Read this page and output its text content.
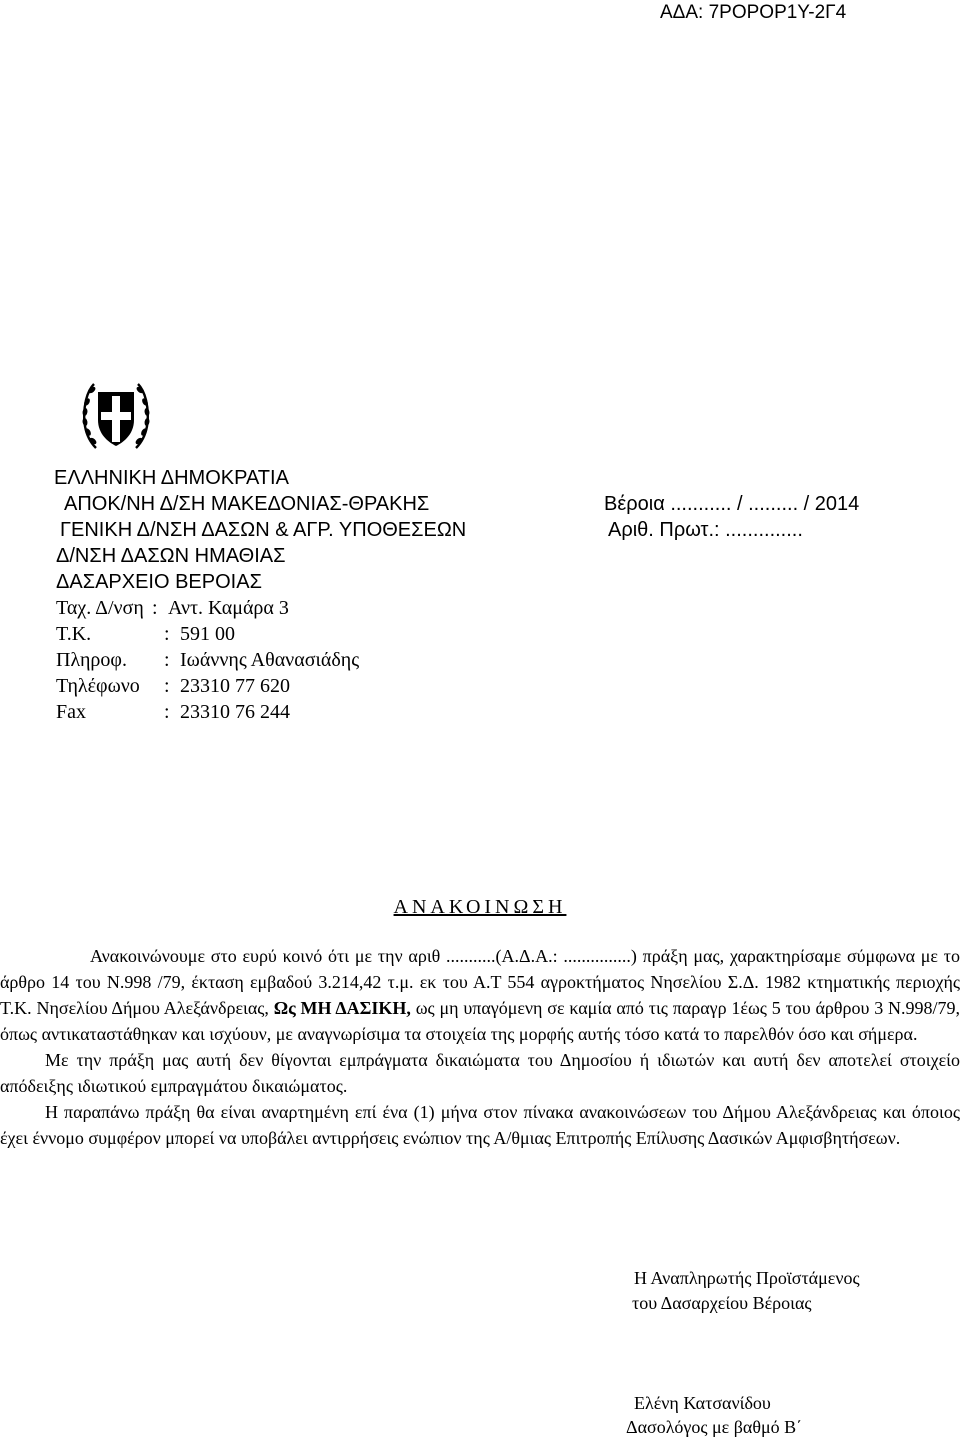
ΑΔΑ: 7ΡΟΡΟΡ1Υ-2Γ4
ΕΛΛΗΝΙΚΗ ΔΗΜΟΚΡΑΤΙΑ
ΑΠΟΚ/ΝΗ Δ/ΣΗ ΜΑΚΕΔΟΝΙΑΣ-ΘΡΑΚΗΣ
ΓΕΝΙΚΗ Δ/ΝΣΗ ΔΑΣΩΝ & ΑΓΡ. ΥΠΟΘΕΣΕΩΝ
Δ/ΝΣΗ ΔΑΣΩΝ ΗΜΑΘΙΑΣ
ΔΑΣΑΡΧΕΙΟ ΒΕΡΟΙΑΣ
Βέροια ........... / ......... / 2014
Αριθ. Πρωτ.: ..............
Ταχ. Δ/νση : Αντ. Καμάρα 3
Τ.Κ.	: 591 00
Πληροφ. : Ιωάννης Αθανασιάδης
Τηλέφωνο : 23310 77 620
Fax	: 23310 76 244
ΑΝΑΚΟΙΝΩΣΗ

Ανακοινώνουμε στο ευρύ κοινό ότι με την αριθ ...........(Α.Δ.Α.: ...............) πράξη μας, χαρακτηρίσαμε σύμφωνα με το άρθρο 14 του Ν.998 /79, έκταση εμβαδού 3.214,42 τ.μ. εκ του Α.Τ 554 αγροκτήματος Νησελίου Σ.Δ. 1982 κτηματικής περιοχής Τ.Κ. Νησελίου Δήμου Αλεξάνδρειας, Ως ΜΗ ΔΑΣΙΚΗ, ως μη υπαγόμενη σε καμία από τις παραγρ 1έως 5 του άρθρου 3 Ν.998/79, όπως αντικαταστάθηκαν και ισχύουν, με αναγνωρίσιμα τα στοιχεία της μορφής αυτής τόσο κατά το παρελθόν όσο και σήμερα.

Με την πράξη μας αυτή δεν θίγονται εμπράγματα δικαιώματα του Δημοσίου ή ιδιωτών και αυτή δεν αποτελεί στοιχείο απόδειξης ιδιωτικού εμπραγμάτου δικαιώματος.

Η παραπάνω πράξη θα είναι αναρτημένη επί ένα (1) μήνα στον πίνακα ανακοινώσεων του Δήμου Αλεξάνδρειας και όποιος έχει έννομο συμφέρον μπορεί να υποβάλει αντιρρήσεις ενώπιον της Α/θμιας Επιτροπής Επίλυσης Δασικών Αμφισβητήσεων.

Η Αναπληρωτής Προϊστάμενος
του Δασαρχείου Βέροιας
Ελένη Κατσανίδου
Δασολόγος με βαθμό Β΄
